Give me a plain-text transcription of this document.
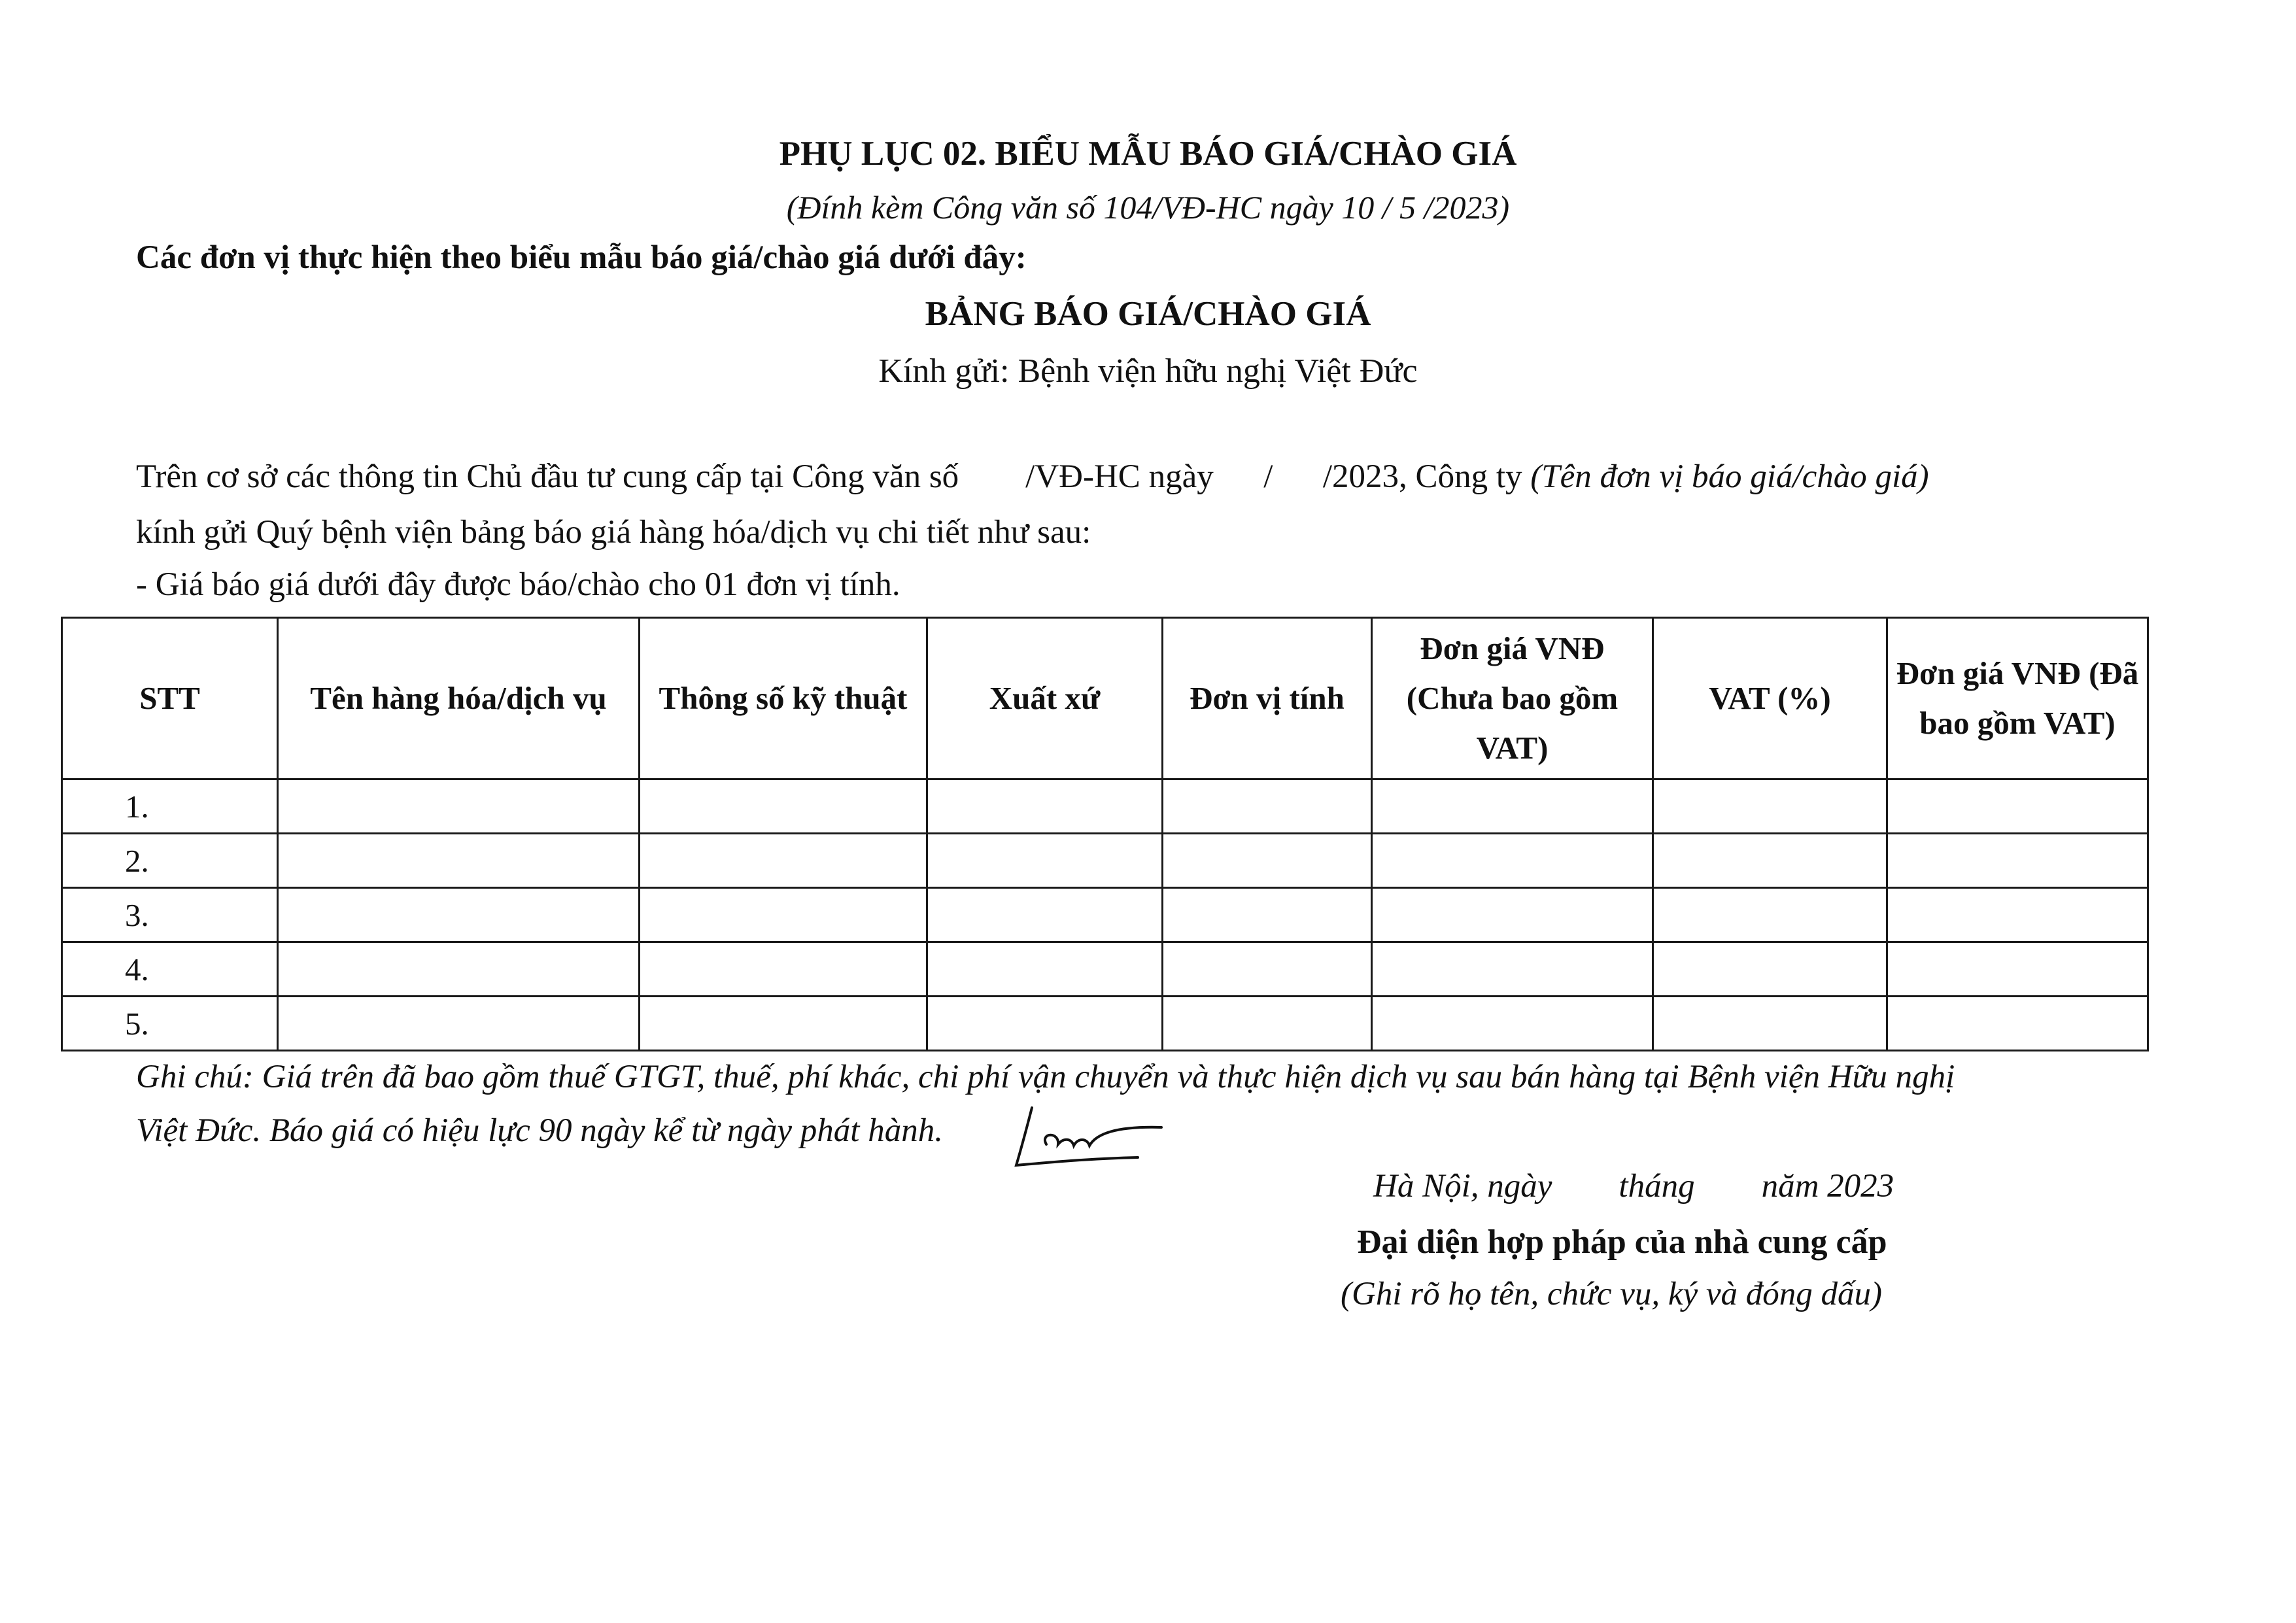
PHỤ LỤC 02. BIỂU MẪU BÁO GIÁ/CHÀO GIÁ
(Đính kèm Công văn số 104/VĐ-HC ngày 10 / 5 /2023)
Các đơn vị thực hiện theo biểu mẫu báo giá/chào giá dưới đây:
BẢNG BÁO GIÁ/CHÀO GIÁ
Kính gửi: Bệnh viện hữu nghị Việt Đức
Trên cơ sở các thông tin Chủ đầu tư cung cấp tại Công văn số        /VĐ-HC ngày      /      /2023, Công ty (Tên đơn vị báo giá/chào giá)
kính gửi Quý bệnh viện bảng báo giá hàng hóa/dịch vụ chi tiết như sau:
- Giá báo giá dưới đây được báo/chào cho 01 đơn vị tính.
STT	Tên hàng hóa/dịch vụ	Thông số kỹ thuật	Xuất xứ	Đơn vị tính	Đơn giá VNĐ (Chưa bao gồm VAT)	VAT (%)	Đơn giá VNĐ (Đã bao gồm VAT)
1.							
2.							
3.							
4.							
5.							
Ghi chú: Giá trên đã bao gồm thuế GTGT, thuế, phí khác, chi phí vận chuyển và thực hiện dịch vụ sau bán hàng tại Bệnh viện Hữu nghị
Việt Đức. Báo giá có hiệu lực 90 ngày kể từ ngày phát hành.
Hà Nội, ngày        tháng        năm 2023
Đại diện hợp pháp của nhà cung cấp
(Ghi rõ họ tên, chức vụ, ký và đóng dấu)
